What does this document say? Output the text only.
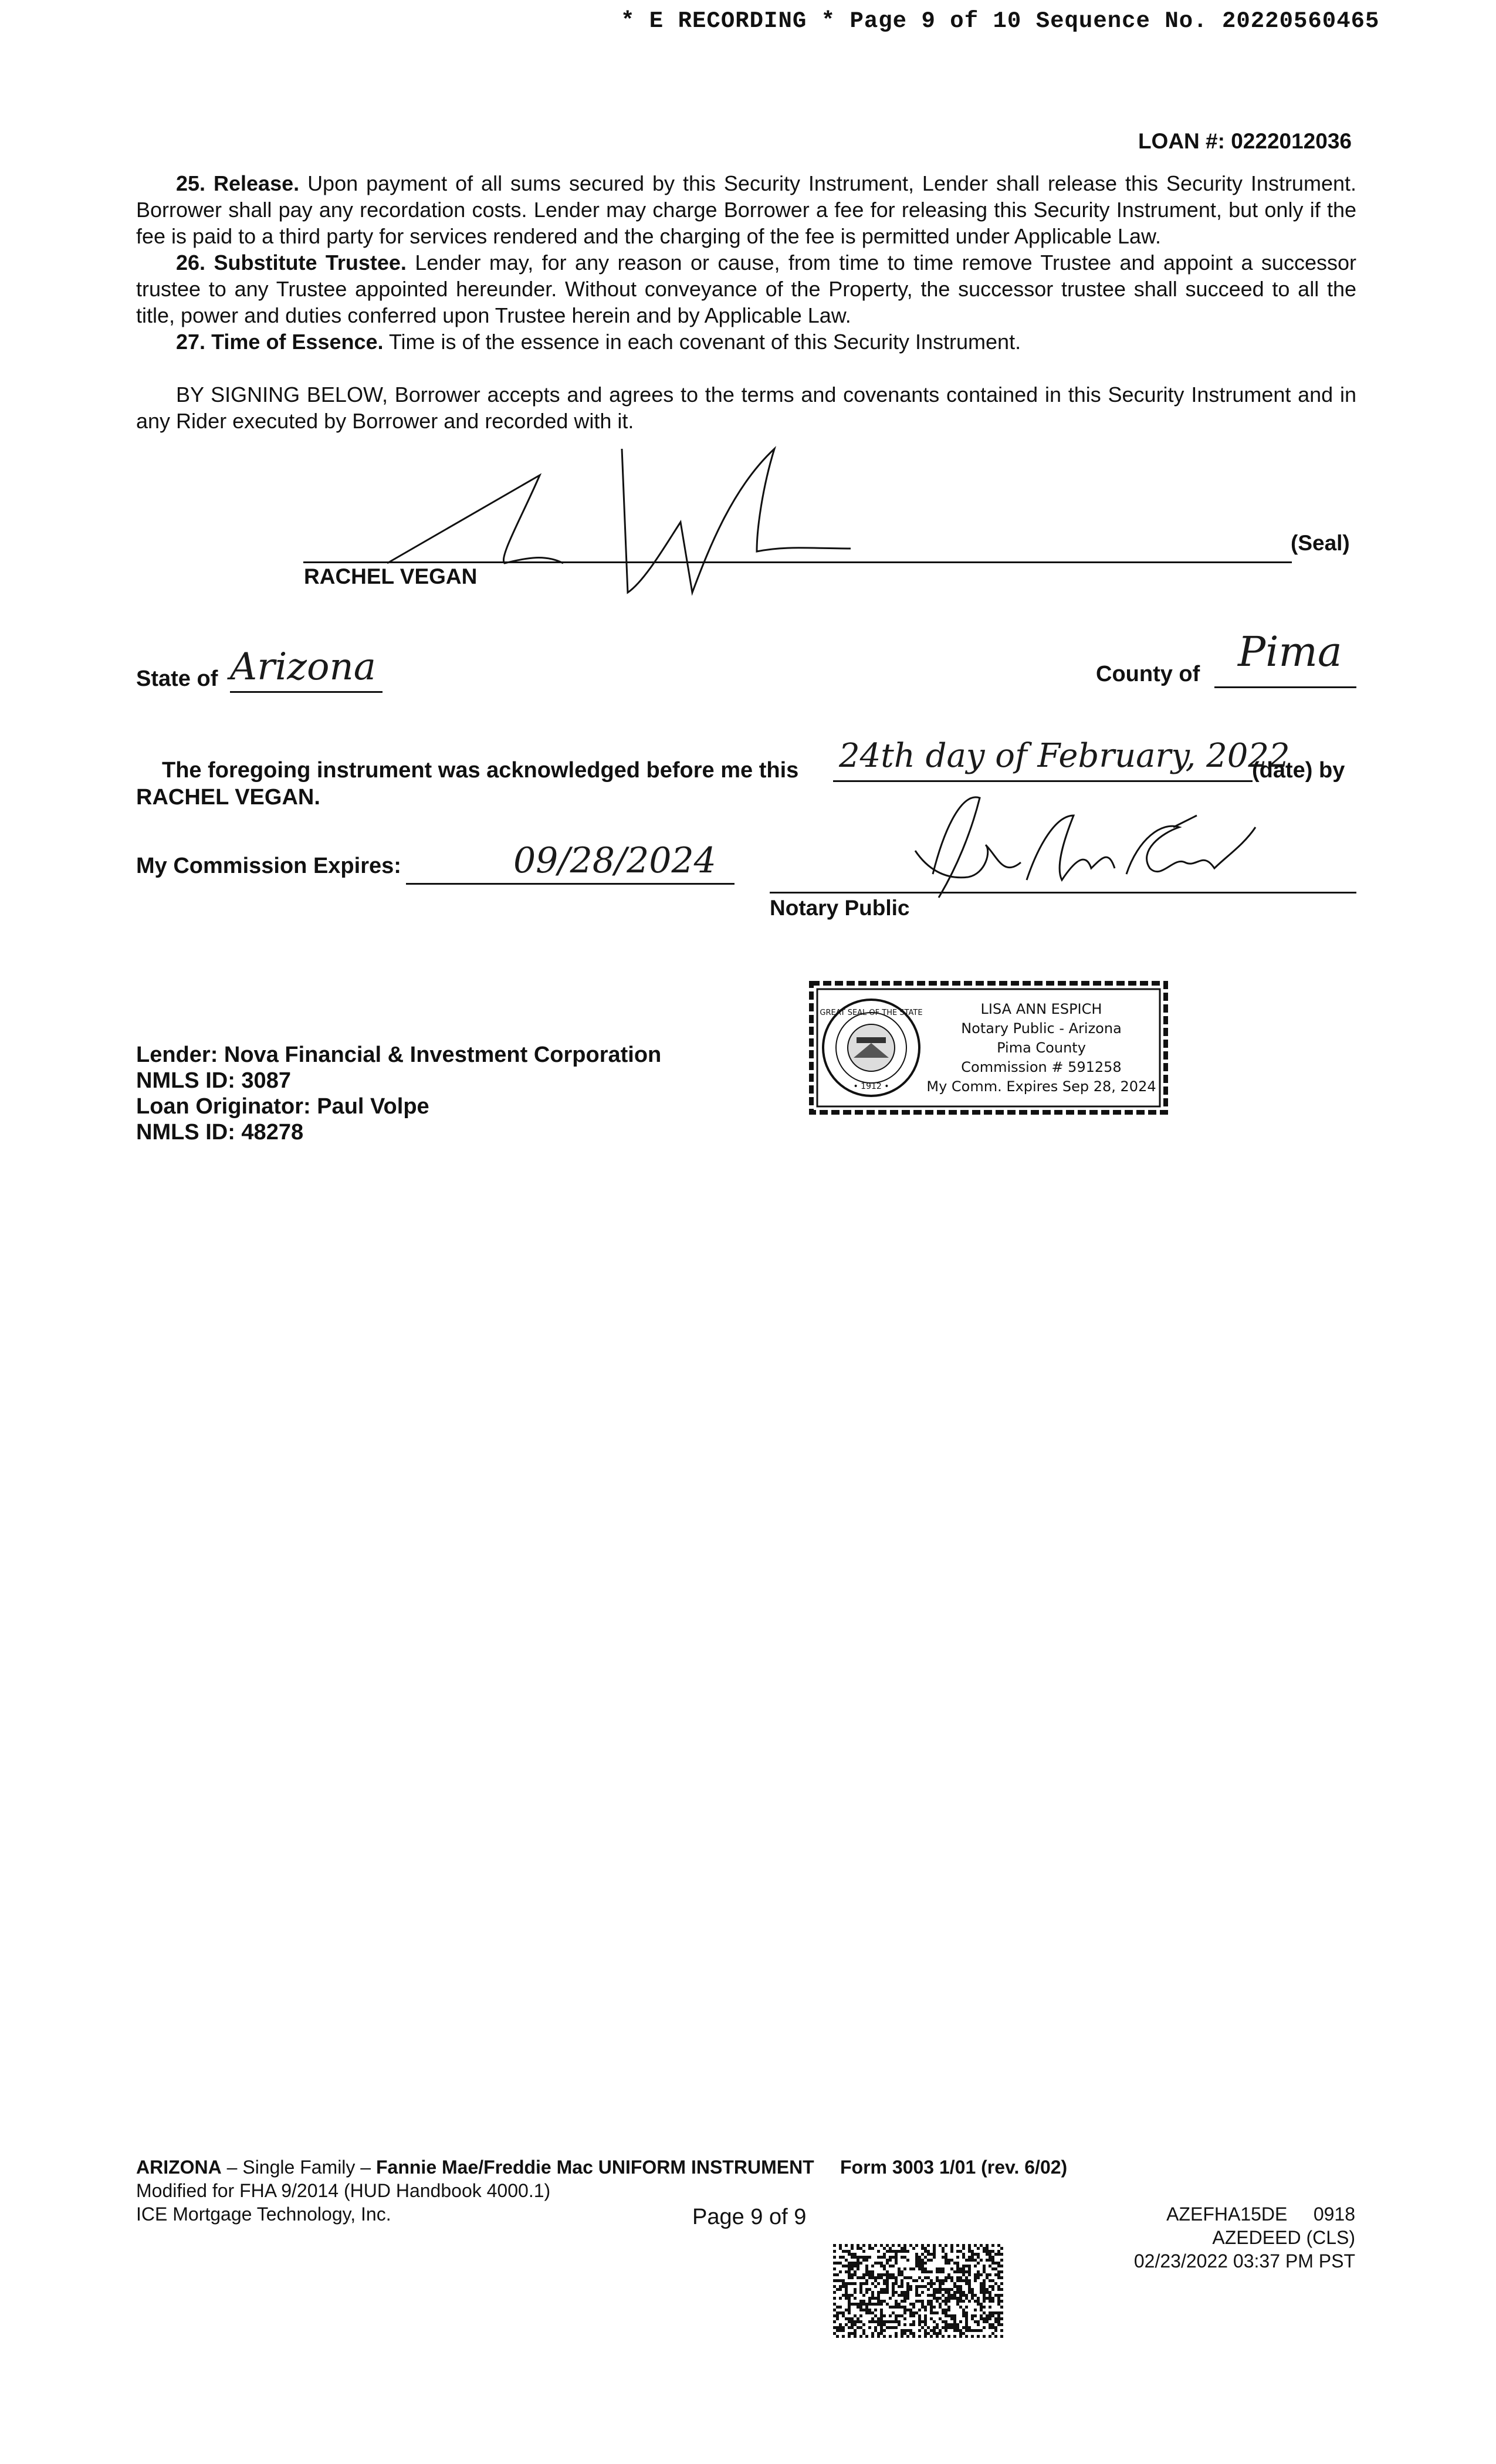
* E RECORDING * Page 9 of 10 Sequence No. 20220560465
LOAN #: 0222012036
25. Release. Upon payment of all sums secured by this Security Instrument, Lender shall release this Security Instrument. Borrower shall pay any recordation costs. Lender may charge Borrower a fee for releasing this Security Instrument, but only if the fee is paid to a third party for services rendered and the charging of the fee is permitted under Applicable Law.
26. Substitute Trustee. Lender may, for any reason or cause, from time to time remove Trustee and appoint a successor trustee to any Trustee appointed hereunder. Without conveyance of the Property, the successor trustee shall succeed to all the title, power and duties conferred upon Trustee herein and by Applicable Law.
27. Time of Essence. Time is of the essence in each covenant of this Security Instrument.
BY SIGNING BELOW, Borrower accepts and agrees to the terms and covenants contained in this Security Instrument and in any Rider executed by Borrower and recorded with it.
RACHEL VEGAN
(Seal)
State of Arizona	County of Pima
The foregoing instrument was acknowledged before me this 24th day of February, 2022
(date) by
RACHEL VEGAN.
My Commission Expires:	09/28/2024
Notary Public
GREAT SEAL OF THE STATE
• 1912 •
LISA ANN ESPICH
Notary Public - Arizona
Pima County
Commission # 591258
My Comm. Expires Sep 28, 2024
Lender: Nova Financial & Investment Corporation
NMLS ID: 3087
Loan Originator: Paul Volpe
NMLS ID: 48278
ARIZONA – Single Family – Fannie Mae/Freddie Mac UNIFORM INSTRUMENT Form 3003 1/01 (rev. 6/02)
Modified for FHA 9/2014 (HUD Handbook 4000.1)
ICE Mortgage Technology, Inc.	Page 9 of 9	AZEFHA15DE     0918
AZEDEED (CLS)
02/23/2022 03:37 PM PST
